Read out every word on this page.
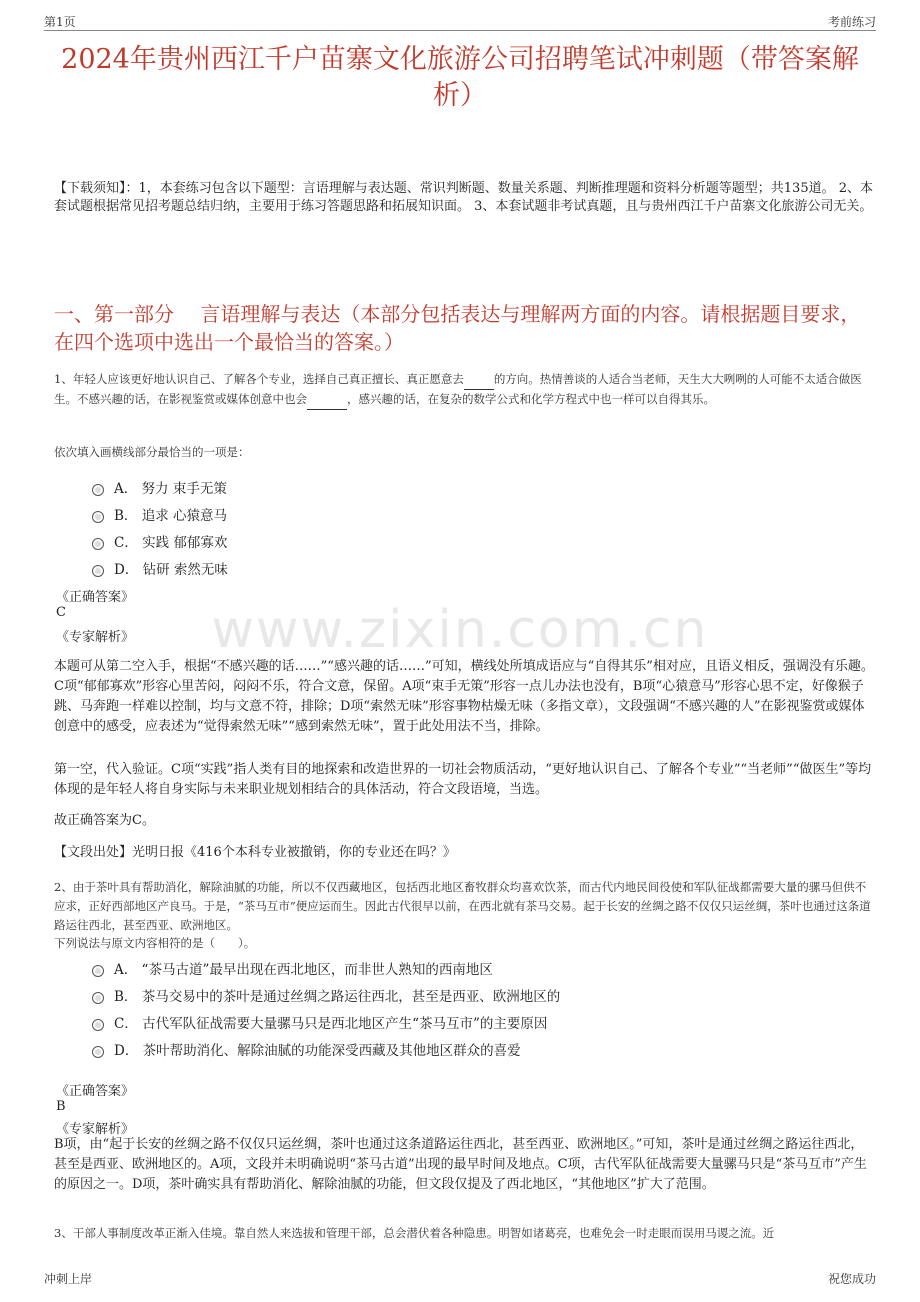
www.zixin.com.cn
第1页	考前练习
2024年贵州西江千户苗寨文化旅游公司招聘笔试冲刺题（带答案解析）
【下载须知】：1，本套练习包含以下题型：言语理解与表达题、常识判断题、数量关系题、判断推理题和资料分析题等题型；共135道。 2、本套试题根据常见招考题总结归纳，主要用于练习答题思路和拓展知识面。 3、本套试题非考试真题，且与贵州西江千户苗寨文化旅游公司无关。
一、第一部分　 言语理解与表达（本部分包括表达与理解两方面的内容。请根据题目要求，在四个选项中选出一个最恰当的答案。）
1、年轻人应该更好地认识自己、了解各个专业，选择自己真正擅长、真正愿意去	的方向。热情善谈的人适合当老师，天生大大咧咧的人可能不太适合做医生。不感兴趣的话，在影视鉴赏或媒体创意中也会	，感兴趣的话，在复杂的数学公式和化学方程式中也一样可以自得其乐。
依次填入画横线部分最恰当的一项是：
A． 努力 束手无策
B． 追求 心猿意马
C． 实践 郁郁寡欢
D． 钻研 索然无味
《正确答案》
C
《专家解析》
本题可从第二空入手，根据“不感兴趣的话……”“感兴趣的话……”可知，横线处所填成语应与“自得其乐”相对应，且语义相反，强调没有乐趣。C项“郁郁寡欢”形容心里苦闷，闷闷不乐，符合文意，保留。A项“束手无策”形容一点儿办法也没有，B项“心猿意马”形容心思不定，好像猴子跳、马奔跑一样难以控制，均与文意不符，排除；D项“索然无味”形容事物枯燥无味（多指文章），文段强调“不感兴趣的人”在影视鉴赏或媒体创意中的感受，应表述为“觉得索然无味”“感到索然无味”，置于此处用法不当，排除。
第一空，代入验证。C项“实践”指人类有目的地探索和改造世界的一切社会物质活动，“更好地认识自己、了解各个专业”“当老师”“做医生”等均体现的是年轻人将自身实际与未来职业规划相结合的具体活动，符合文段语境，当选。
故正确答案为C。
【文段出处】光明日报《416个本科专业被撤销，你的专业还在吗？》
2、由于茶叶具有帮助消化，解除油腻的功能，所以不仅西藏地区，包括西北地区畜牧群众均喜欢饮茶，而古代内地民间役使和军队征战都需要大量的骡马但供不应求，正好西部地区产良马。于是，“茶马互市”便应运而生。因此古代很早以前，在西北就有茶马交易。起于长安的丝绸之路不仅仅只运丝绸，茶叶也通过这条道路运往西北，甚至西亚、欧洲地区。
下列说法与原文内容相符的是（　　）。
A． “茶马古道”最早出现在西北地区，而非世人熟知的西南地区
B． 茶马交易中的茶叶是通过丝绸之路运往西北，甚至是西亚、欧洲地区的
C． 古代军队征战需要大量骡马只是西北地区产生“茶马互市”的主要原因
D． 茶叶帮助消化、解除油腻的功能深受西藏及其他地区群众的喜爱
《正确答案》
B
《专家解析》
B项，由“起于长安的丝绸之路不仅仅只运丝绸，茶叶也通过这条道路运往西北，甚至西亚、欧洲地区。”可知，茶叶是通过丝绸之路运往西北，甚至是西亚、欧洲地区的。A项，文段并未明确说明“茶马古道”出现的最早时间及地点。C项，古代军队征战需要大量骡马只是“茶马互市”产生的原因之一。D项，茶叶确实具有帮助消化、解除油腻的功能，但文段仅提及了西北地区，“其他地区”扩大了范围。
3、干部人事制度改革正渐入佳境。靠自然人来选拔和管理干部，总会潜伏着各种隐患。明智如诸葛亮，也难免会一时走眼而误用马谡之流。近
冲刺上岸	祝您成功
